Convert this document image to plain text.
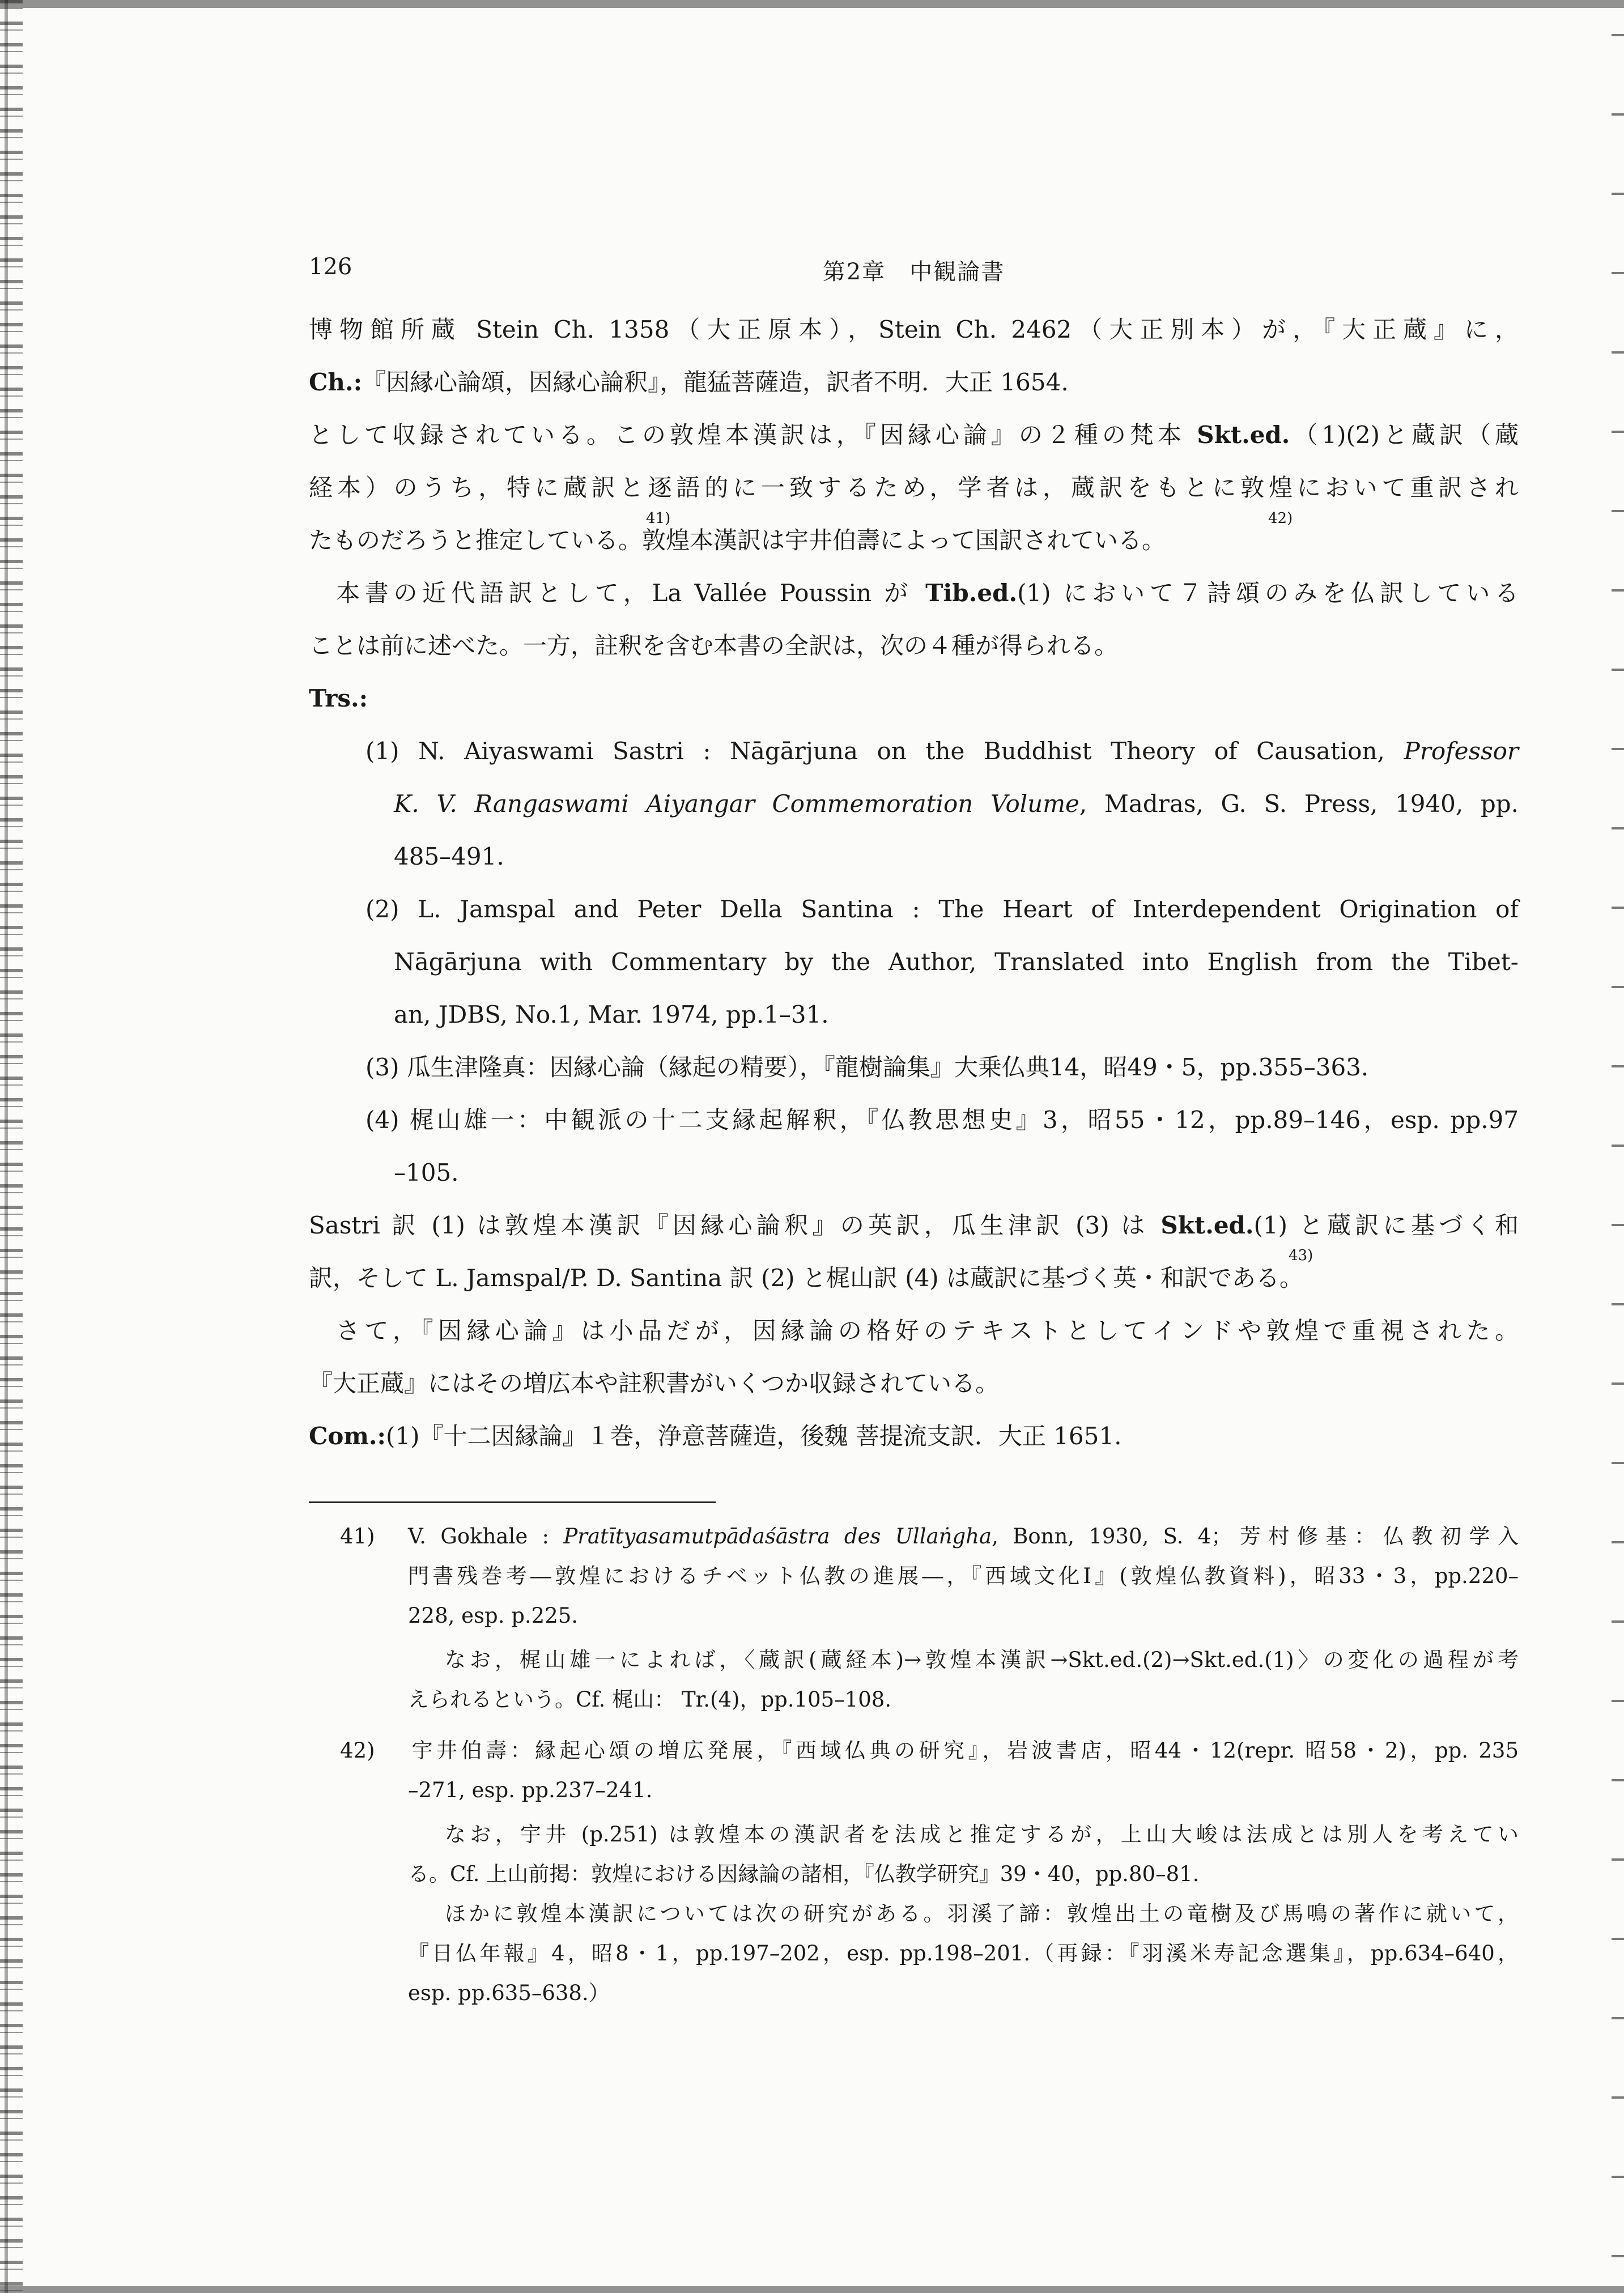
126	第2章　中観論書
博物館所蔵 Stein Ch. 1358（大正原本），Stein Ch. 2462（大正別本）が，『大正蔵』に，
Ch.:『因縁心論頌，因縁心論釈』，龍猛菩薩造，訳者不明．大正 1654.
として収録されている。この敦煌本漢訳は，『因縁心論』の２種の梵本 Skt.ed.（1)(2)と蔵訳（蔵
経本）のうち，特に蔵訳と逐語的に一致するため，学者は，蔵訳をもとに敦煌において重訳され
たものだろうと推定している。敦煌本漢訳は宇井伯壽によって国訳されている。
本書の近代語訳として，La Vallée Poussin が Tib.ed.(1) において７詩頌のみを仏訳している
ことは前に述べた。一方，註釈を含む本書の全訳は，次の４種が得られる。
Trs.:
(1) N. Aiyaswami Sastri : Nāgārjuna on the Buddhist Theory of Causation, Professor
K. V. Rangaswami Aiyangar Commemoration Volume, Madras, G. S. Press, 1940, pp.
485–491.
(2) L. Jamspal and Peter Della Santina : The Heart of Interdependent Origination of
Nāgārjuna with Commentary by the Author, Translated into English from the Tibet-
an, JDBS, No.1, Mar. 1974, pp.1–31.
(3) 瓜生津隆真：因縁心論（縁起の精要），『龍樹論集』大乗仏典14，昭49・5，pp.355–363.
(4) 梶山雄一：中観派の十二支縁起解釈，『仏教思想史』3，昭55・12，pp.89–146，esp. pp.97
–105.
Sastri 訳 (1) は敦煌本漢訳『因縁心論釈』の英訳，瓜生津訳 (3) は Skt.ed.(1) と蔵訳に基づく和
訳，そして L. Jamspal/P. D. Santina 訳 (2) と梶山訳 (4) は蔵訳に基づく英・和訳である。$^{43)}$
さて，『因縁心論』は小品だが，因縁論の格好のテキストとしてインドや敦煌で重視された。
『大正蔵』にはその増広本や註釈書がいくつか収録されている。
Com.:(1)『十二因縁論』１巻，浄意菩薩造，後魏 菩提流支訳．大正 1651.
41)	42)
41) V. Gokhale : Pratītyasamutpādaśāstra des Ullaṅgha, Bonn, 1930, S. 4；芳村修基：仏教初学入
門書残巻考―敦煌におけるチベット仏教の進展―，『西域文化Ⅰ』(敦煌仏教資料)，昭33・3，pp.220–
228, esp. p.225.
なお，梶山雄一によれば，〈蔵訳(蔵経本)→敦煌本漢訳→Skt.ed.(2)→Skt.ed.(1)〉の変化の過程が考
えられるという。Cf. 梶山： Tr.(4)，pp.105–108.
42) 宇井伯壽：縁起心頌の増広発展，『西域仏典の研究』，岩波書店，昭44・12(repr. 昭58・2)，pp. 235
–271, esp. pp.237–241.
なお，宇井 (p.251) は敦煌本の漢訳者を法成と推定するが，上山大峻は法成とは別人を考えてい
る。Cf. 上山前掲：敦煌における因縁論の諸相，『仏教学研究』39・40，pp.80–81.
ほかに敦煌本漢訳については次の研究がある。羽溪了諦：敦煌出土の竜樹及び馬鳴の著作に就いて，
『日仏年報』4，昭8・1，pp.197–202，esp. pp.198–201.（再録：『羽溪米寿記念選集』，pp.634–640，
esp. pp.635–638.）
